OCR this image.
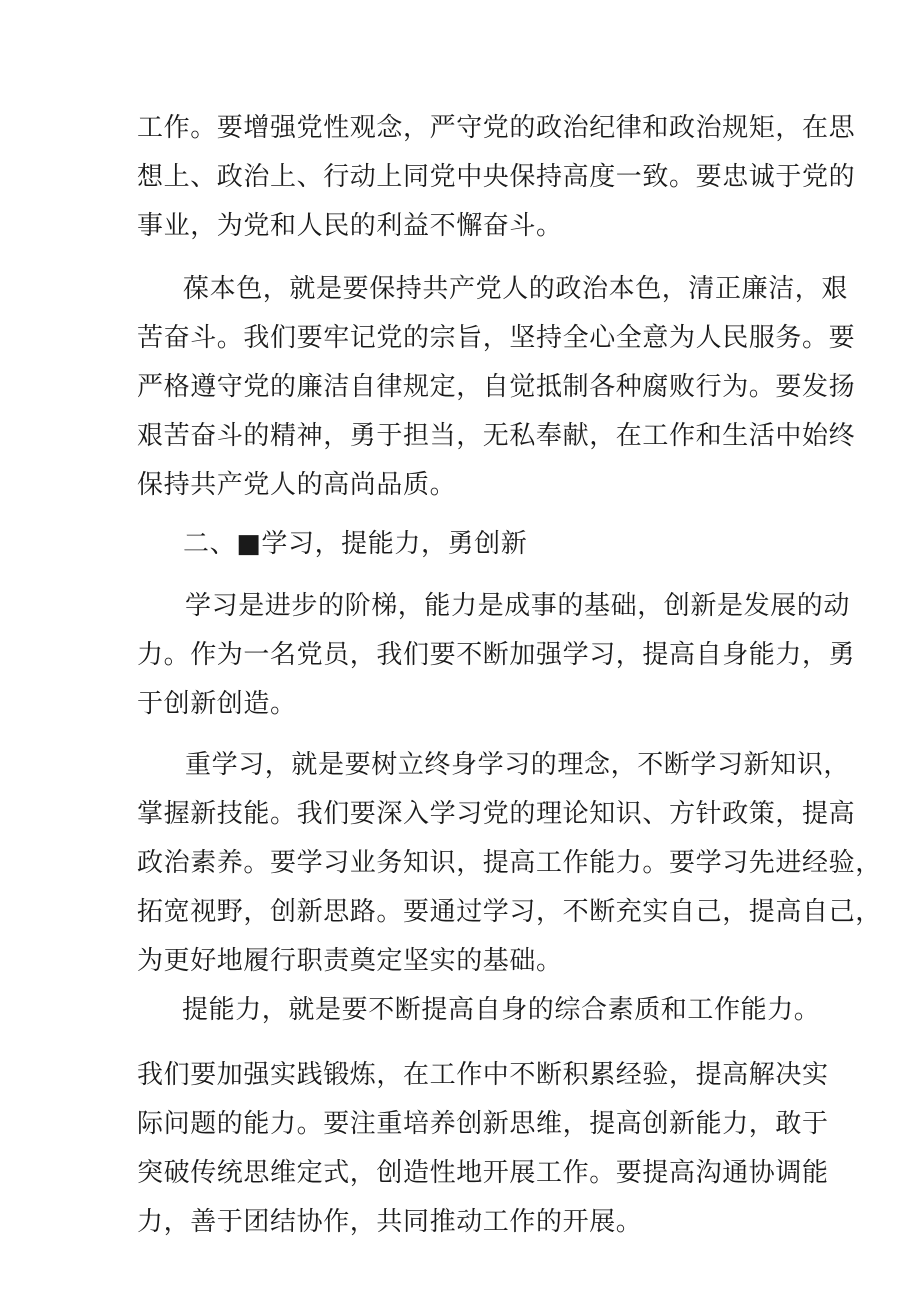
工作。要增强党性观念，严守党的政治纪律和政治规矩，在思

想上、政治上、行动上同党中央保持高度一致。要忠诚于党的

事业，为党和人民的利益不懈奋斗。

葆本色，就是要保持共产党人的政治本色，清正廉洁，艰

苦奋斗。我们要牢记党的宗旨，坚持全心全意为人民服务。要

严格遵守党的廉洁自律规定，自觉抵制各种腐败行为。要发扬

艰苦奋斗的精神，勇于担当，无私奉献，在工作和生活中始终

保持共产党人的高尚品质。

二、■学习，提能力，勇创新

学习是进步的阶梯，能力是成事的基础，创新是发展的动

力。作为一名党员，我们要不断加强学习，提高自身能力，勇

于创新创造。

重学习，就是要树立终身学习的理念，不断学习新知识，

掌握新技能。我们要深入学习党的理论知识、方针政策，提高

政治素养。要学习业务知识，提高工作能力。要学习先进经验，

拓宽视野，创新思路。要通过学习，不断充实自己，提高自己，

为更好地履行职责奠定坚实的基础。

提能力，就是要不断提高自身的综合素质和工作能力。

我们要加强实践锻炼，在工作中不断积累经验，提高解决实

际问题的能力。要注重培养创新思维，提高创新能力，敢于

突破传统思维定式，创造性地开展工作。要提高沟通协调能

力，善于团结协作，共同推动工作的开展。
